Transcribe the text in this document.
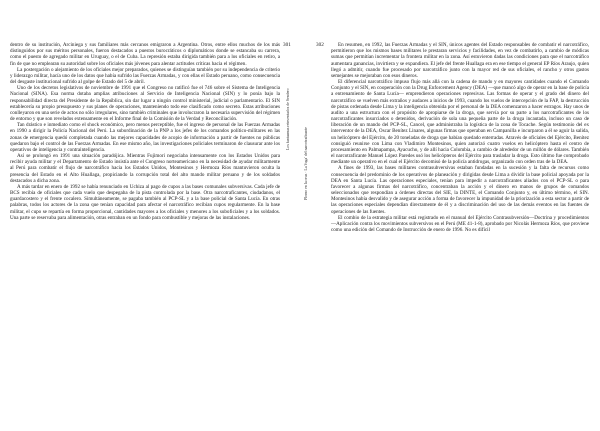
301
Los fantasmas reinventados de Sendero
302
Plomo en la cruz · La 'fuga' del narcotraficante

dentro de su institución, Arciniega y sus familiares más cercanos emigraron a Argentina. Otros, entre ellos muchos de los más distinguidos por sus méritos personales, fueron destacados a puestos burocráticos o diplomáticos donde se estancaba su carrera, como el puesto de agregado militar en Uruguay, o el de Cuba. La represión estaba dirigida también para a los oficiales en retiro, a fin de que no emplearan su autoridad sobre los oficiales más jóvenes para alentar actitudes críticas hacia el régimen.

La postergación o alejamiento de los oficiales mejor preparados, quienes se distinguían también por su independencia de criterio y liderazgo militar, hacía uno de los datos que había sufrido las Fuerzas Armadas, y con ellas el Estado peruano, como consecuencia del desgaste institucional sufrido al golpe de Estado del 5 de abril.

Uno de los decretos legislativos de noviembre de 1991 que el Congreso no ratificó fue el 746 sobre el Sistema de Inteligencia Nacional (SINA). Esa norma dotaba amplias atribuciones al Servicio de Inteligencia Nacional (SIN) y lo ponía bajo la responsabilidad directa del Presidente de la República, sin dar lugar a ningún control ministerial, judicial o parlamentario. El SIN establecería su propio presupuesto y sus planes de operaciones, manteniendo todo ese clasificado como secreto. Estas atribuciones conlleyaron en una serie de actos no sólo irregulares, sino también criminales que involucraron la necesaria supervisión del régimen de entorno y que son revelados extensamente en el Informe final de la Comisión de la Verdad y Reconciliación.

Tan drástico e inmediato como el shock económico, pero menos perceptible, fue el ingreso de personal de las Fuerzas Armadas en 1990 a dirigir la Policía Nacional del Perú. La subordinación de la PNP a los jefes de los comandos político-militares en las zonas de emergencia quedó completada cuando las mejores capacidades de acopio de información a partir de fuentes no públicas quedaron bajo el control de las Fuerzas Armadas. En ese mismo año, las investigaciones policiales terminaron de clausurar ante los operativos de inteligencia y contrainteligencia.

Así se prolongó en 1991 una situación paradójica. Mientras Fujimori negociaba intensamente con los Estados Unidos para recibir ayuda militar y el Departamento de Estado insistía ante el Congreso norteamericano en la necesidad de ayudar militarmente al Perú para combatir el flujo de narcotráfico hacia los Estados Unidos, Montesinos y Hermoza Ríos mantuvieron oculta la presencia del Estado en el Alto Huallaga, propiciando la corrupción total del alto mando militar peruano y de los soldados destacados a dicha zona.

A más tardar en enero de 1992 se había renunciado en Uchiza al pago de cupos a las bases comunales subversivas. Cada jefe de BCS recibía de oficiales que cada vuelo que despegaba de la pista controlada por la base. Otra narcotraficantes, ciudadanos, el guardacostero y el frente cocalero. Simultáneamente, se pagaba también al PCP-SL y a la base policial de Santa Lucía. En otras palabras, todos los actores de la zona que tenían capacidad para afectar el narcotráfico recibían cupos regularmente. En la base militar, el cupo se repartía en forma proporcional, cantidades mayores a los oficiales y menores a los suboficiales y a los soldados. Una parte se reservaba para alimentación, otras entraban en un fondo para combustible y mejoras de las instalaciones.

En resumen, en 1992, las Fuerzas Armadas y el SIN, únicos agentes del Estado responsables de combatir el narcotráfico, permitieron que los mismos bases militares le prestaran servicios y facilidades, en vez de combatirlo, a cambio de módicas sumas que permitían incrementar la frontera militar en la zona. Así estuvieron dadas las condiciones para que el narcotráfico aumentara ganancias, invirtiera y se expandiera. El jefe del frente Huallaga era en ese tiempo el general EP Ríos Araujo, quien llegó a admitir, cuando fue procesado por narcotráfico junto con la mayor red de sus oficiales, el rancho y otros gastos semejantes se mejoraban con esos dineros.

El diferencial narcotráfico impuso flujo más allá con la cadena de mando y en mayores cantidades cuando el Comando Conjunto y el SIN, en cooperación con la Drug Enforcement Agency (DEA) —que mancó algo de operar en la base de policía a entrenamiento de Santa Lucía— emprendieron operaciones represivas. Las formas de operar y el grado del dinero del narcotráfico se vuelven más extraños y audaces a inicios de 1993, cuando los vuelos de intercepción de la FAP, la destrucción de pistas ordenada desde Lima y la inteligencia obtenida por el personal de la DEA comenzaron a hacer estragos. Hay unos de audito a una estructura con el propósito de apropiarse de la droga, que servía por su parte a los narcotraficantes de los narcotraficantes insurciados o detenidos, derivación de sola una pequeña parte de la droga incautada, incluso un caso de liberación de un mando del PCP-SL, Cancel, que administraba la logística de la zona de Tocache. Según testimonio del ex interventor de la DEA, Oscar Benítez Linares, algunas firmas que operaban en Campanilla e incurparon a él se aguir la salida, un helicóptero del Ejército, de 20 toneladas de droga que habían quedado enterradas. Através de oficiales del Ejército, Benítez consiguió reunirse con Lima con Vladimiro Montesinos, quien autorizó cuatro vuelos en helicóptero hasta el centro de procesamiento en Palmapampa, Ayacucho, y de allí hacia Colombia, a cambio de alrededor de un millón de dólares. También el narcotraficante Manuel López Paredes usó los helicópteros del Ejército para trasladar la droga. Esto último fue comprobado mediante un operativo en el cual el Ejército decomisó de la policía antidrogas, organizado con orden tras de la DEA.

A fines de 1993, las bases militares contrasubversivas estaban fundadas en la sucesión y la falta de recursos como consecuencia del predominio de los operativos de planeación y dirigidas desde Lima a dividir la base policial apoyada por la DEA en Santa Lucía. Las operaciones especiales, tenían para impedir a narcotraficantes aliados con el PCP-SL o para favorecer a algunas firmas del narcotráfico, concentraban la acción y el dinero en manos de grupos de comandos seleccionados que respondían a órdenes directas del SIE, la DINTE, el Comando Conjunto y, en último término, el SIN. Montesinos había desvalido y de asegurar acción a forma de favorecer la impunidad de la priorización a esta sector a partir de las operaciones especiales dependían directamente de él y a discriminación del uso de las demás eventos en las fuentes de operaciones de las fuentes.

El combio de la estrategia militar está registrado en el manual del Ejército Contrasubversión—Doctrina y procedimientos—Aplicación contra los movimientos subversivos en el Perú (ME 41-1-8), aprobado por Nicolás Hermoza Ríos, que proviene como una edición del Comando de Instrucción de enero de 1996. No es difícil
